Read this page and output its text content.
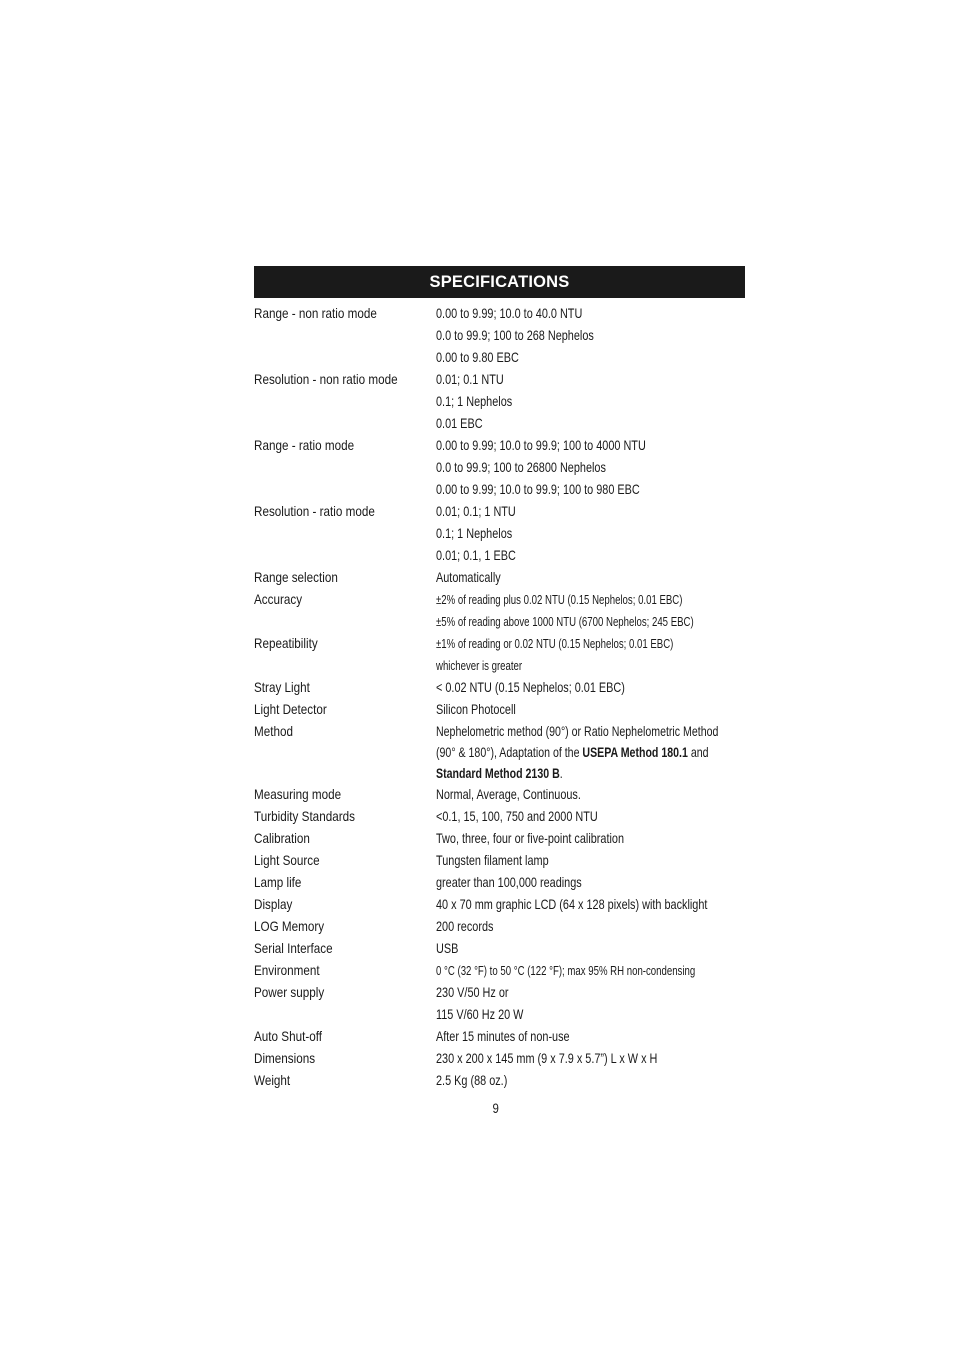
SPECIFICATIONS
Range - non ratio mode	0.00 to 9.99; 10.0 to 40.0 NTU
0.0 to 99.9; 100 to 268 Nephelos
0.00 to 9.80 EBC
Resolution - non ratio mode	0.01; 0.1 NTU
0.1; 1 Nephelos
0.01 EBC
Range - ratio mode	0.00 to 9.99; 10.0 to 99.9; 100 to 4000 NTU
0.0 to 99.9; 100 to 26800 Nephelos
0.00 to 9.99; 10.0 to 99.9; 100 to 980 EBC
Resolution - ratio mode	0.01; 0.1; 1 NTU
0.1; 1 Nephelos
0.01; 0.1, 1 EBC
Range selection	Automatically
Accuracy	±2% of reading plus 0.02 NTU (0.15 Nephelos; 0.01 EBC)
±5% of reading above 1000 NTU (6700 Nephelos; 245 EBC)
Repeatibility	±1% of reading or 0.02 NTU (0.15 Nephelos; 0.01 EBC)
whichever is greater
Stray Light	< 0.02 NTU (0.15 Nephelos; 0.01 EBC)
Light Detector	Silicon Photocell
Method	Nephelometric method (90°) or Ratio Nephelometric Method
(90° & 180°), Adaptation of the USEPA Method 180.1 and
Standard Method 2130 B.
Measuring mode	Normal, Average, Continuous.
Turbidity Standards	<0.1, 15, 100, 750 and 2000 NTU
Calibration	Two, three, four or five-point calibration
Light Source	Tungsten filament lamp
Lamp life	greater than 100,000 readings
Display	40 x 70 mm graphic LCD (64 x 128 pixels) with backlight
LOG Memory	200 records
Serial Interface	USB
Environment	0 °C (32 °F) to 50 °C (122 °F); max 95% RH non-condensing
Power supply	230 V/50 Hz or
115 V/60 Hz 20 W
Auto Shut-off	After 15 minutes of non-use
Dimensions	230 x 200 x 145 mm (9 x 7.9 x 5.7”) L x W x H
Weight	2.5 Kg (88 oz.)
9
